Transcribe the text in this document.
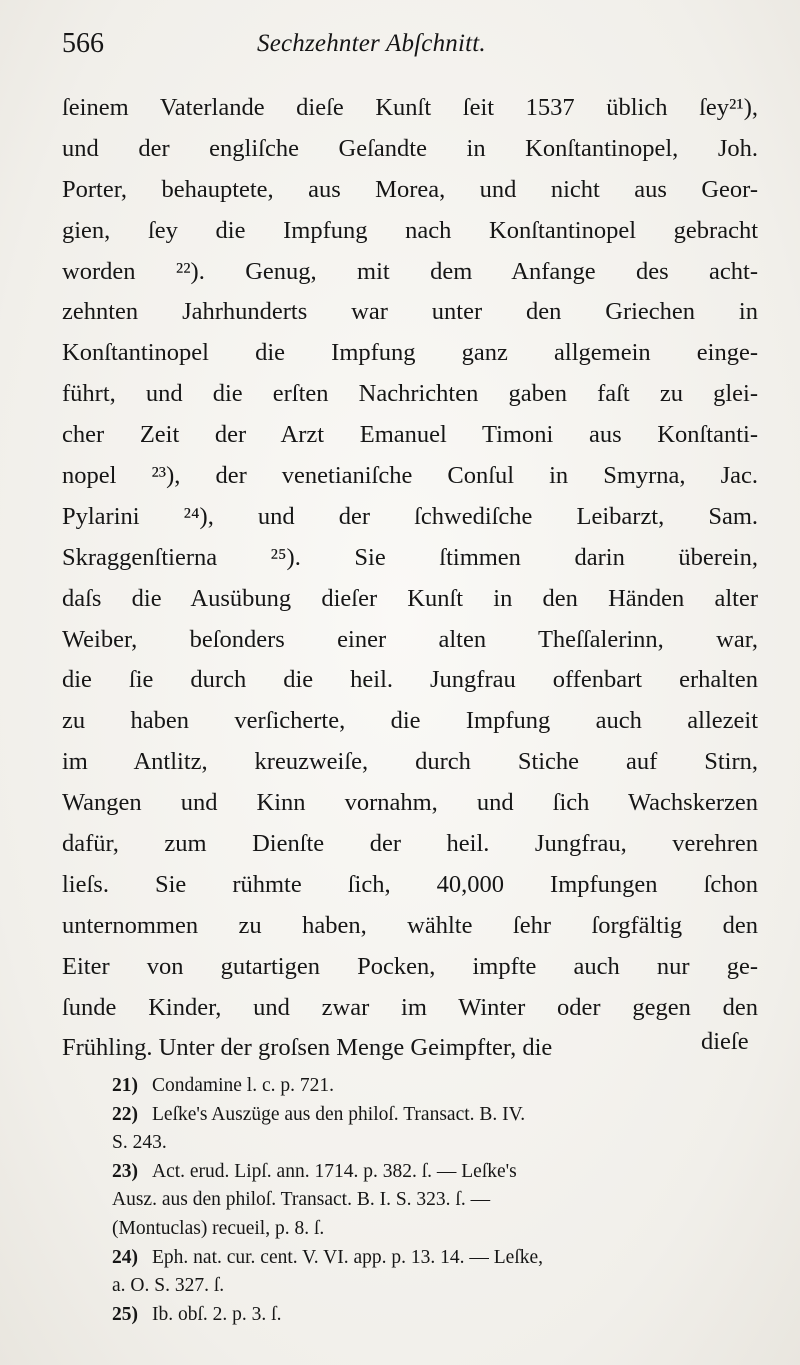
566	Sechzehnter Abſchnitt.
ſeinem Vaterlande dieſe Kunſt ſeit 1537 üblich ſey²¹),
und der engliſche Geſandte in Konſtantinopel, Joh.
Porter, behauptete, aus Morea, und nicht aus Geor-
gien, ſey die Impfung nach Konſtantinopel gebracht
worden ²²). Genug, mit dem Anfange des acht-
zehnten Jahrhunderts war unter den Griechen in
Konſtantinopel die Impfung ganz allgemein einge-
führt, und die erſten Nachrichten gaben faſt zu glei-
cher Zeit der Arzt Emanuel Timoni aus Konſtanti-
nopel ²³), der venetianiſche Conſul in Smyrna, Jac.
Pylarini ²⁴), und der ſchwediſche Leibarzt, Sam.
Skraggenſtierna ²⁵). Sie ſtimmen darin überein,
daſs die Ausübung dieſer Kunſt in den Händen alter
Weiber, beſonders einer alten Theſſalerinn, war,
die ſie durch die heil. Jungfrau offenbart erhalten
zu haben verſicherte, die Impfung auch allezeit
im Antlitz, kreuzweiſe, durch Stiche auf Stirn,
Wangen und Kinn vornahm, und ſich Wachskerzen
dafür, zum Dienſte der heil. Jungfrau, verehren
lieſs. Sie rühmte ſich, 40,000 Impfungen ſchon
unternommen zu haben, wählte ſehr ſorgfältig den
Eiter von gutartigen Pocken, impfte auch nur ge-
ſunde Kinder, und zwar im Winter oder gegen den
Frühling. Unter der groſsen Menge Geimpfter, die	dieſe
21) Condamine l. c. p. 721.
22) Leſke's Auszüge aus den philoſ. Transact. B. IV.
S. 243.
23) Act. erud. Lipſ. ann. 1714. p. 382. ſ. — Leſke's
Ausz. aus den philoſ. Transact. B. I. S. 323. ſ. —
(Montuclas) recueil, p. 8. ſ.
24) Eph. nat. cur. cent. V. VI. app. p. 13. 14. — Leſke,
a. O. S. 327. ſ.
25) Ib. obſ. 2. p. 3. ſ.
